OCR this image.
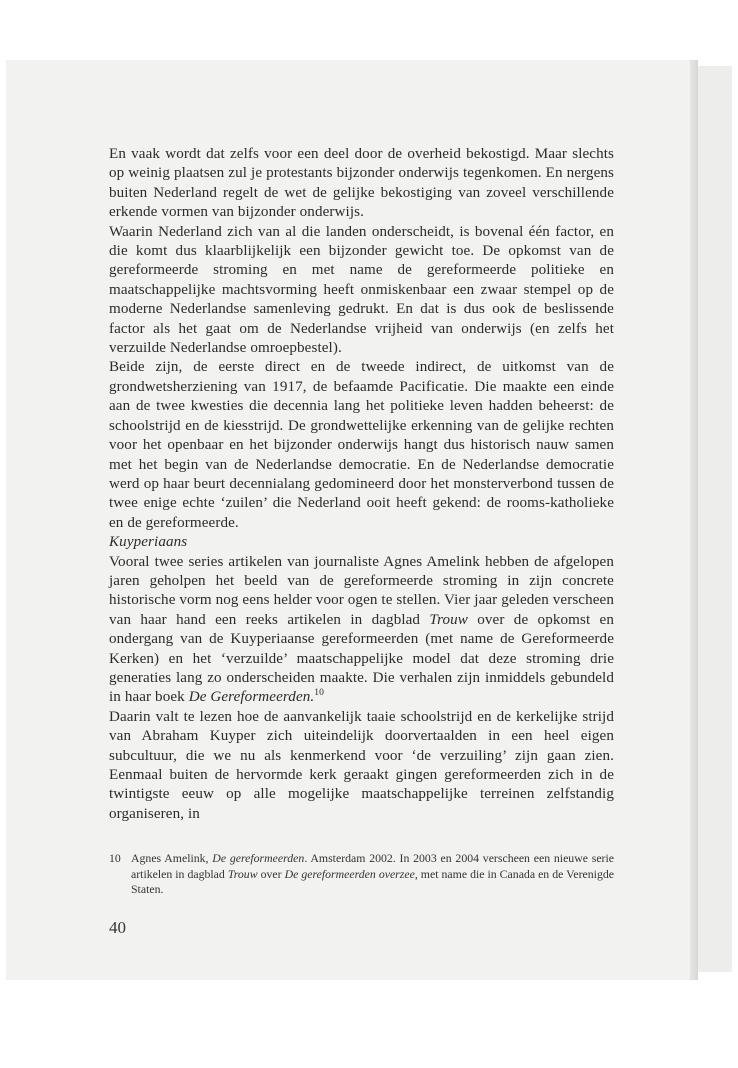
En vaak wordt dat zelfs voor een deel door de overheid bekostigd. Maar slechts op weinig plaatsen zul je protestants bijzonder onderwijs tegenkomen. En nergens buiten Nederland regelt de wet de gelijke bekostiging van zoveel verschillende erkende vormen van bijzonder onderwijs.

Waarin Nederland zich van al die landen onderscheidt, is bovenal één factor, en die komt dus klaarblijkelijk een bijzonder gewicht toe. De opkomst van de gereformeerde stroming en met name de gereformeerde politieke en maatschappelijke machtsvorming heeft onmiskenbaar een zwaar stempel op de moderne Nederlandse samenleving gedrukt. En dat is dus ook de beslissende factor als het gaat om de Nederlandse vrijheid van onderwijs (en zelfs het verzuilde Nederlandse omroepbestel).

Beide zijn, de eerste direct en de tweede indirect, de uitkomst van de grondwetsherziening van 1917, de befaamde Pacificatie. Die maakte een einde aan de twee kwesties die decennia lang het politieke leven hadden beheerst: de schoolstrijd en de kiesstrijd. De grondwettelijke erkenning van de gelijke rechten voor het openbaar en het bijzonder onderwijs hangt dus historisch nauw samen met het begin van de Nederlandse democratie. En de Nederlandse democratie werd op haar beurt decennialang gedomineerd door het monsterverbond tussen de twee enige echte ‘zuilen’ die Nederland ooit heeft gekend: de rooms-katholieke en de gereformeerde.

Kuyperiaans

Vooral twee series artikelen van journaliste Agnes Amelink hebben de afgelopen jaren geholpen het beeld van de gereformeerde stroming in zijn concrete historische vorm nog eens helder voor ogen te stellen. Vier jaar geleden verscheen van haar hand een reeks artikelen in dagblad Trouw over de opkomst en ondergang van de Kuyperiaanse gereformeerden (met name de Gereformeerde Kerken) en het ‘verzuilde’ maatschappelijke model dat deze stroming drie generaties lang zo onderscheiden maakte. Die verhalen zijn inmiddels gebundeld in haar boek De Gereformeerden.$^{10}$

Daarin valt te lezen hoe de aanvankelijk taaie schoolstrijd en de kerkelijke strijd van Abraham Kuyper zich uiteindelijk doorvertaalden in een heel eigen subcultuur, die we nu als kenmerkend voor ‘de verzuiling’ zijn gaan zien. Eenmaal buiten de hervormde kerk geraakt gingen gereformeerden zich in de twintigste eeuw op alle mogelijke maatschappelijke terreinen zelfstandig organiseren, in

10 Agnes Amelink, De gereformeerden. Amsterdam 2002. In 2003 en 2004 verscheen een nieuwe serie artikelen in dagblad Trouw over De gereformeerden overzee, met name die in Canada en de Verenigde Staten.
40
